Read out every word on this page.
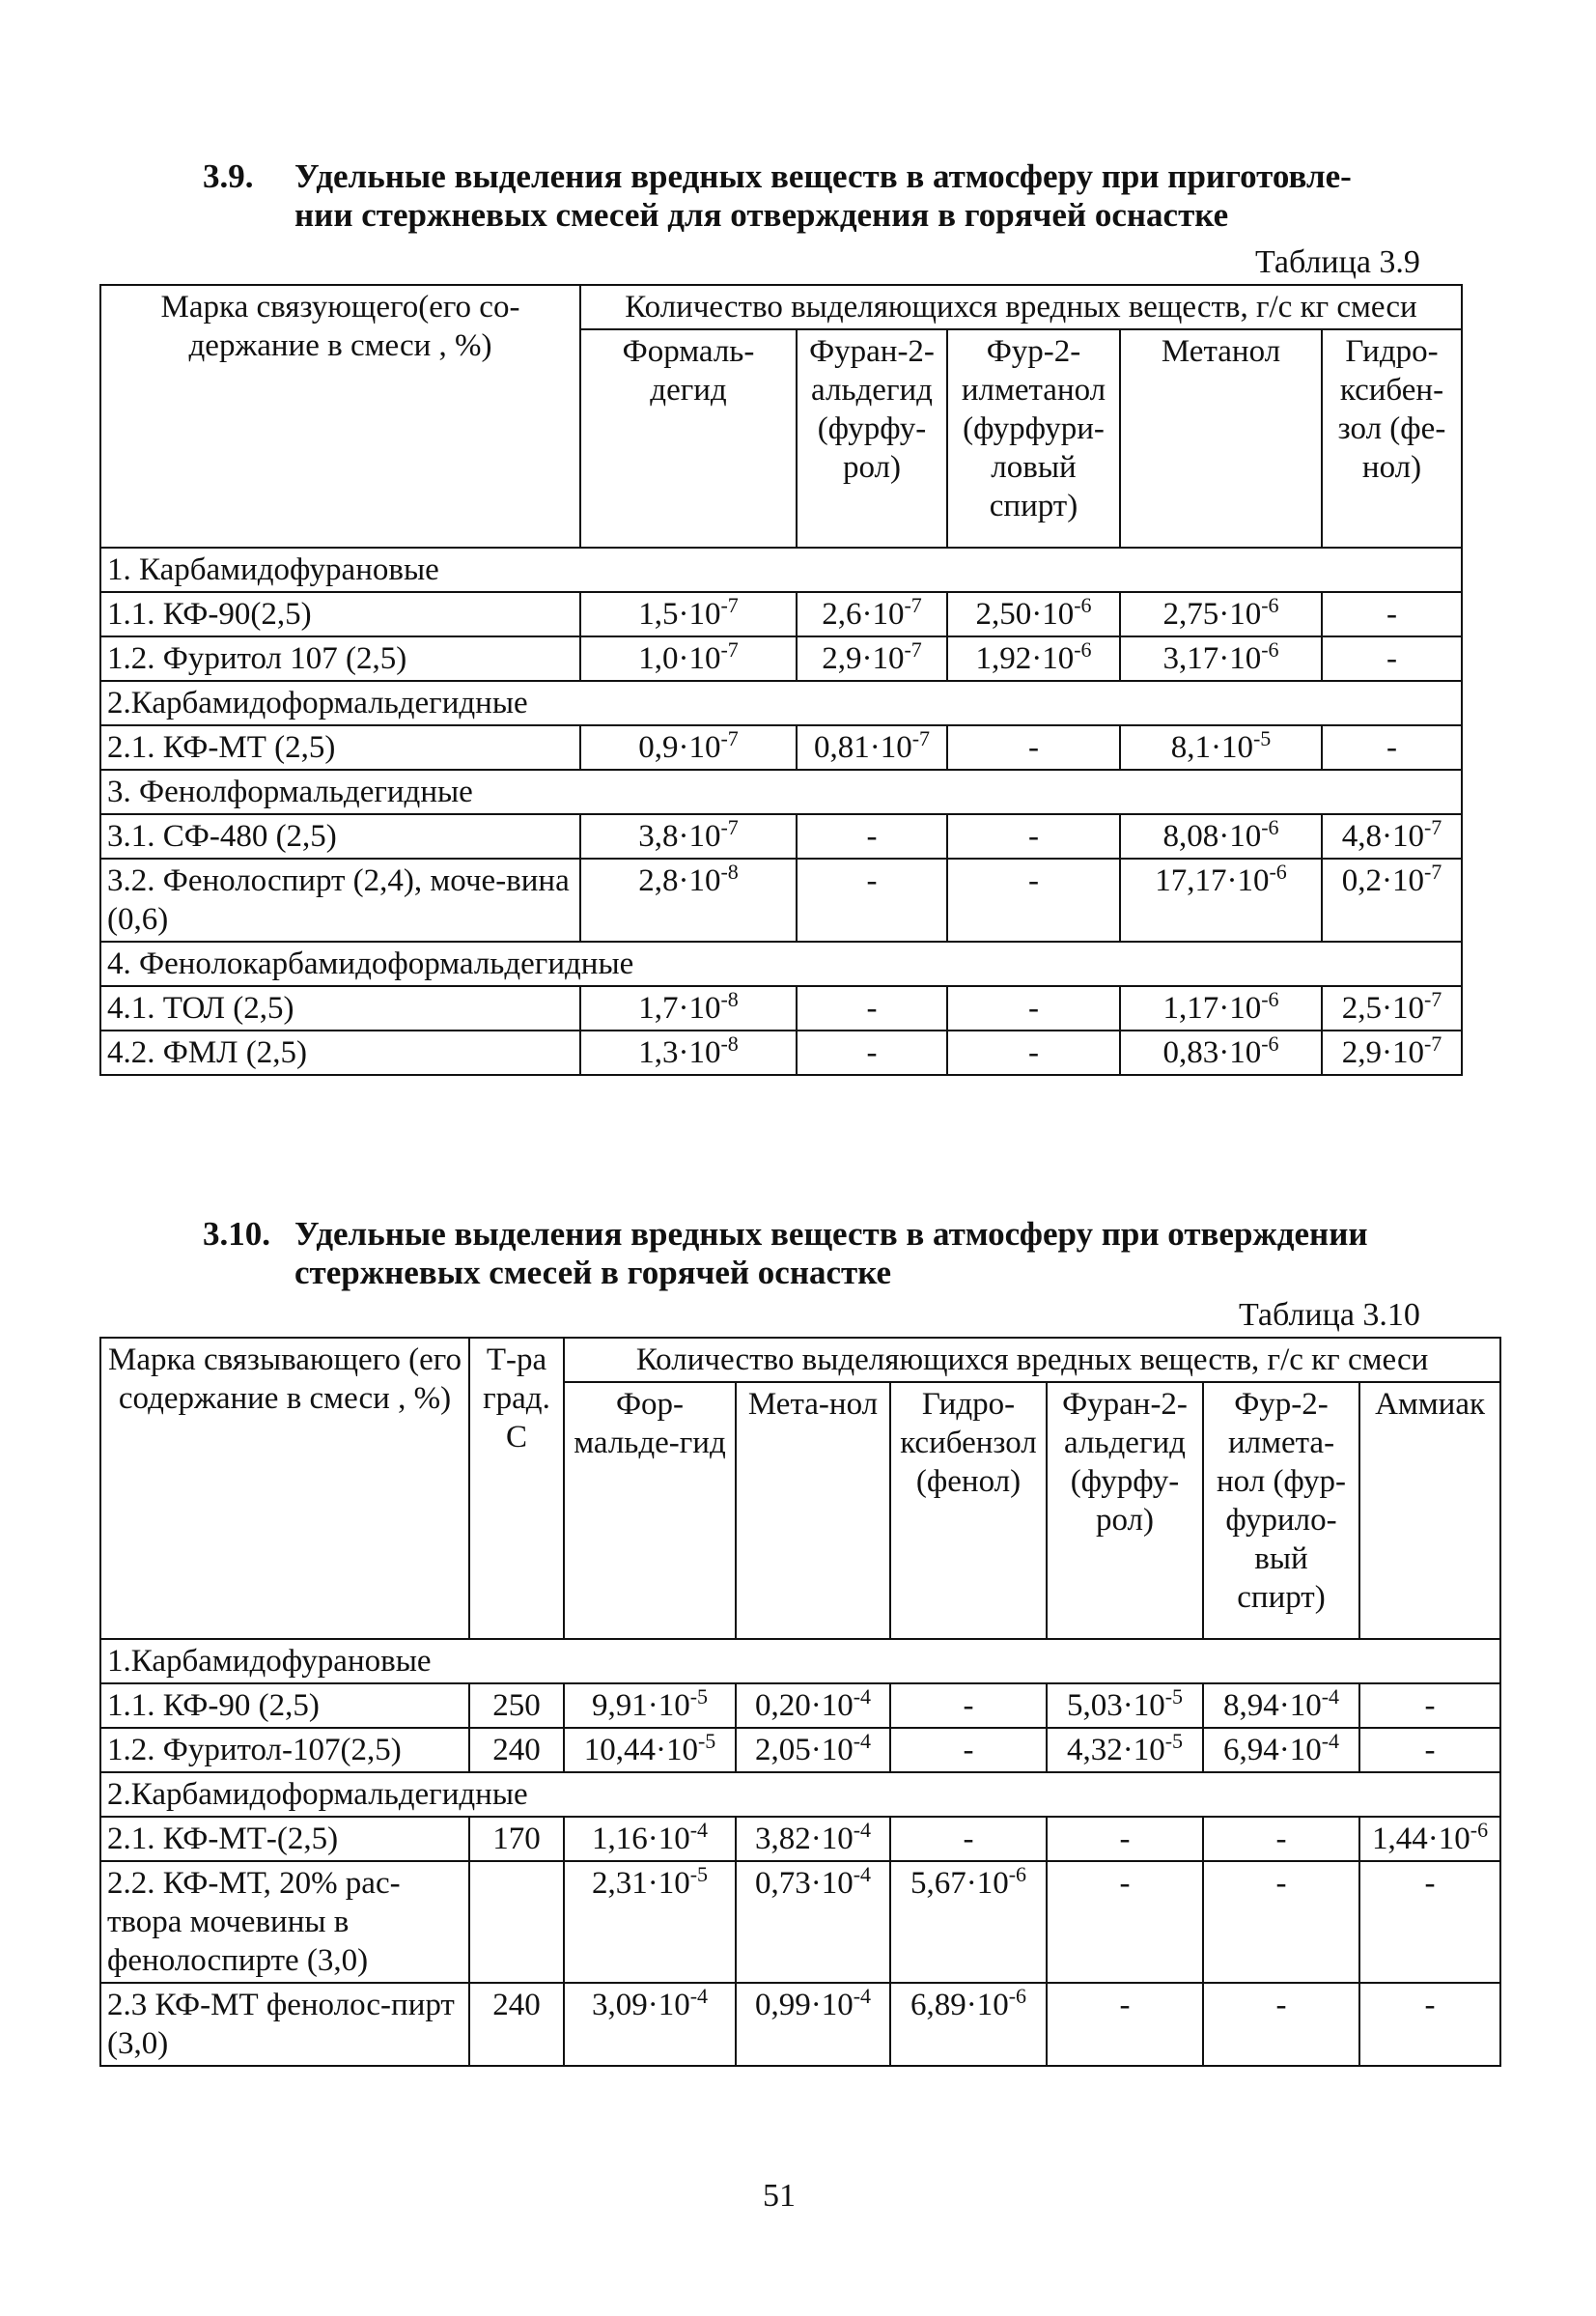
3.9. Удельные выделения вредных веществ в атмосферу при приготовле-
нии стержневых смесей для отверждения в горячей оснастке
Таблица 3.9
Марка связующего(его со-держание в смеси , %)	Количество выделяющихся вредных веществ, г/с кг смеси				
	Формаль-дегид	Фуран-2-альдегид (фурфу-рол)	Фур-2-илметанол (фурфури-ловый спирт)	Метанол	Гидро-ксибен-зол (фе-нол)
1. Карбамидофурановые					
1.1. КФ-90(2,5)	$1,5\cdot 10^{-7}$	$2,6\cdot 10^{-7}$	$2,50\cdot 10^{-6}$	$2,75\cdot 10^{-6}$	-
1.2. Фуритол 107 (2,5)	$1,0\cdot 10^{-7}$	$2,9\cdot 10^{-7}$	$1,92\cdot 10^{-6}$	$3,17\cdot 10^{-6}$	-
2.Карбамидоформальдегидные					
2.1. КФ-МТ (2,5)	$0,9\cdot 10^{-7}$	$0,81\cdot 10^{-7}$	-	$8,1\cdot 10^{-5}$	-
3. Фенолформальдегидные					
3.1. СФ-480 (2,5)	$3,8\cdot 10^{-7}$	-	-	$8,08\cdot 10^{-6}$	$4,8\cdot 10^{-7}$
3.2. Фенолоспирт (2,4), моче-вина (0,6)	$2,8\cdot 10^{-8}$	-	-	$17,17\cdot 10^{-6}$	$0,2\cdot 10^{-7}$
4. Фенолокарбамидоформальдегидные					
4.1. ТОЛ (2,5)	$1,7\cdot 10^{-8}$	-	-	$1,17\cdot 10^{-6}$	$2,5\cdot 10^{-7}$
4.2. ФМЛ (2,5)	$1,3\cdot 10^{-8}$	-	-	$0,83\cdot 10^{-6}$	$2,9\cdot 10^{-7}$
3.10. Удельные выделения вредных веществ в атмосферу при отверждении
стержневых смесей в горячей оснастке
Таблица 3.10
Марка связывающего (его содержание в смеси , %)	Т-ра град. С	Количество выделяющихся вредных веществ, г/с кг смеси					
		Фор-мальде-гид	Мета-нол	Гидро-ксибензол (фенол)	Фуран-2-альдегид (фурфу-рол)	Фур-2-илмета-нол (фур-фурило-вый спирт)	Аммиак
1.Карбамидофурановые							
1.1. КФ-90 (2,5)	250	$9,91\cdot 10^{-5}$	$0,20\cdot 10^{-4}$	-	$5,03\cdot 10^{-5}$	$8,94\cdot 10^{-4}$	-
1.2. Фуритол-107(2,5)	240	$10,44\cdot 10^{-5}$	$2,05\cdot 10^{-4}$	-	$4,32\cdot 10^{-5}$	$6,94\cdot 10^{-4}$	-
2.Карбамидоформальдегидные							
2.1. КФ-МТ-(2,5)	170	$1,16\cdot 10^{-4}$	$3,82\cdot 10^{-4}$	-	-	-	$1,44\cdot 10^{-6}$
2.2. КФ-МТ, 20% рас-твора мочевины в фенолоспирте (3,0)		$2,31\cdot 10^{-5}$	$0,73\cdot 10^{-4}$	$5,67\cdot 10^{-6}$	-	-	-
2.3 КФ-МТ фенолос-пирт (3,0)	240	$3,09\cdot 10^{-4}$	$0,99\cdot 10^{-4}$	$6,89\cdot 10^{-6}$	-	-	-
51
